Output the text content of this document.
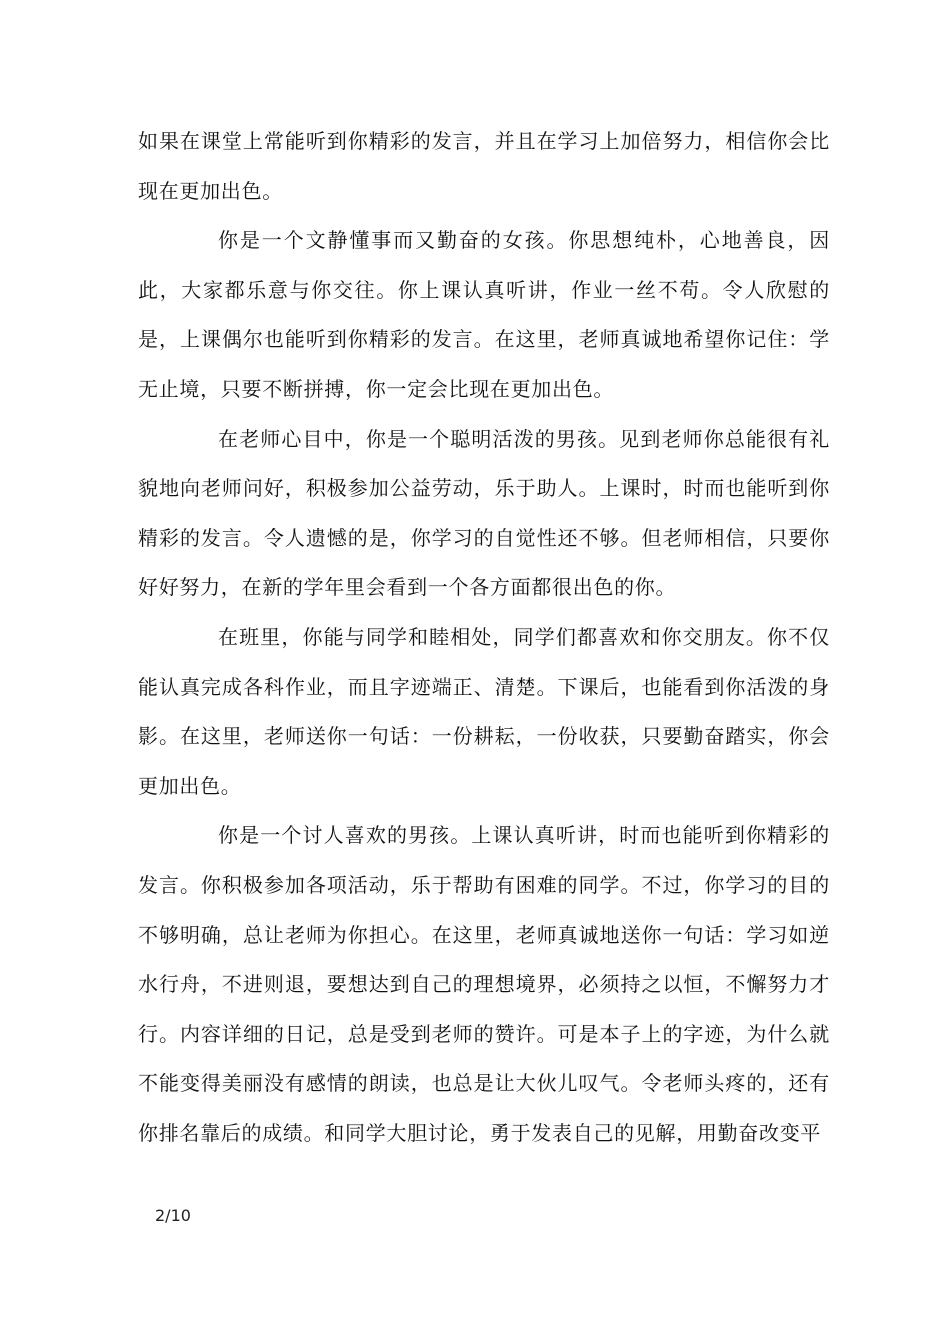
如果在课堂上常能听到你精彩的发言，并且在学习上加倍努力，相信你会比现在更加出色。

你是一个文静懂事而又勤奋的女孩。你思想纯朴，心地善良，因此，大家都乐意与你交往。你上课认真听讲，作业一丝不苟。令人欣慰的是，上课偶尔也能听到你精彩的发言。在这里，老师真诚地希望你记住：学无止境，只要不断拼搏，你一定会比现在更加出色。

在老师心目中，你是一个聪明活泼的男孩。见到老师你总能很有礼貌地向老师问好，积极参加公益劳动，乐于助人。上课时，时而也能听到你精彩的发言。令人遗憾的是，你学习的自觉性还不够。但老师相信，只要你好好努力，在新的学年里会看到一个各方面都很出色的你。

在班里，你能与同学和睦相处，同学们都喜欢和你交朋友。你不仅能认真完成各科作业，而且字迹端正、清楚。下课后，也能看到你活泼的身影。在这里，老师送你一句话：一份耕耘，一份收获，只要勤奋踏实，你会更加出色。

你是一个讨人喜欢的男孩。上课认真听讲，时而也能听到你精彩的发言。你积极参加各项活动，乐于帮助有困难的同学。不过，你学习的目的不够明确，总让老师为你担心。在这里，老师真诚地送你一句话：学习如逆水行舟，不进则退，要想达到自己的理想境界，必须持之以恒，不懈努力才行。内容详细的日记，总是受到老师的赞许。可是本子上的字迹，为什么就不能变得美丽没有感情的朗读，也总是让大伙儿叹气。令老师头疼的，还有你排名靠后的成绩。和同学大胆讨论，勇于发表自己的见解，用勤奋改变平

2/10
